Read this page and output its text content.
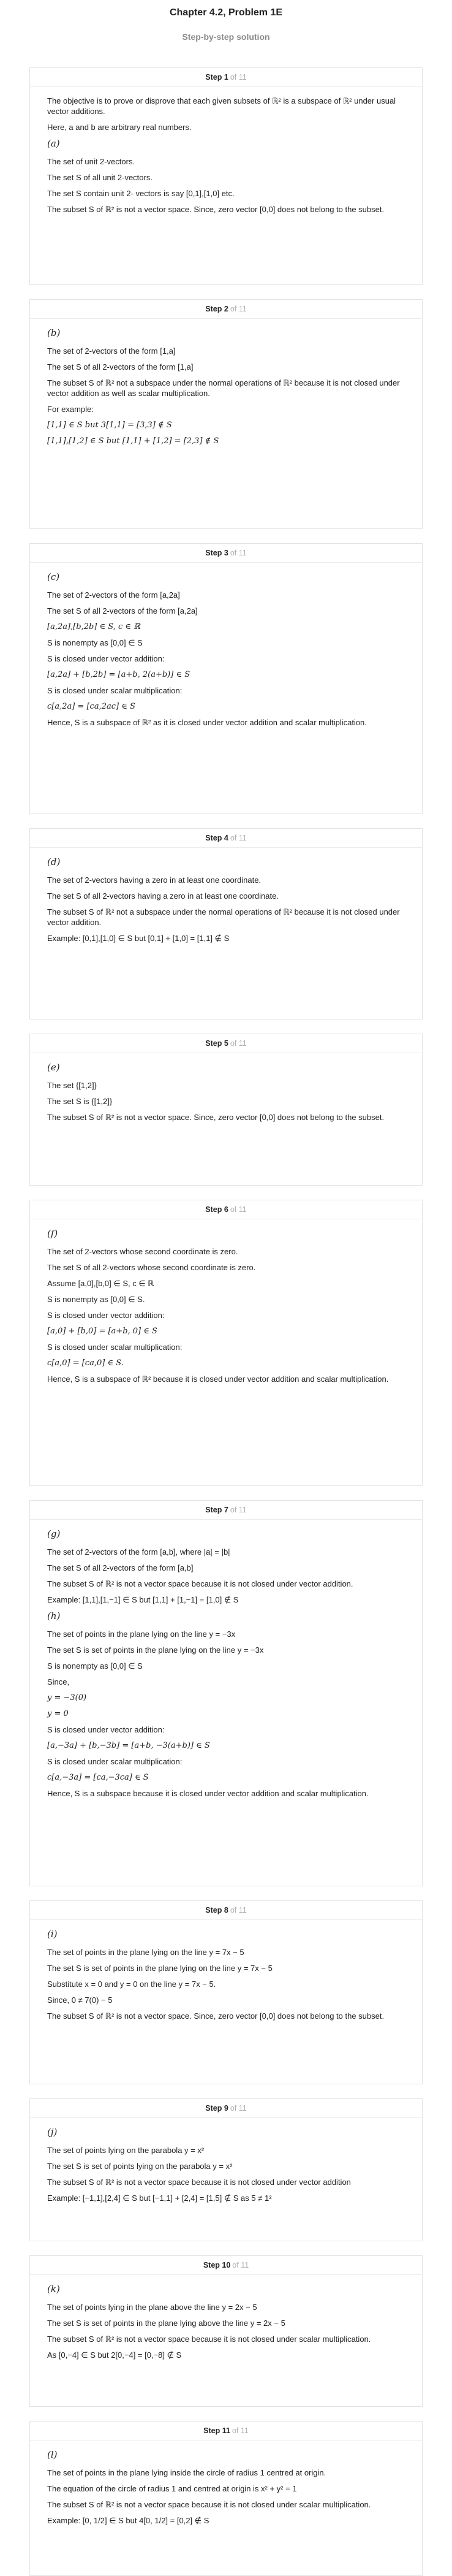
Chapter 4.2, Problem 1E
Step-by-step solution
Step 1 of 11
The objective is to prove or disprove that each given subsets of ℝ² is a subspace of ℝ² under usual vector additions.
Here, a and b are arbitrary real numbers.
(a)
The set of unit 2-vectors.
The set S of all unit 2-vectors.
The set S contain unit 2- vectors is say [0,1],[1,0] etc.
The subset S of ℝ² is not a vector space. Since, zero vector [0,0] does not belong to the subset.
Step 2 of 11
(b)
The set of 2-vectors of the form [1,a]
The set S of all 2-vectors of the form [1,a]
The subset S of ℝ² not a subspace under the normal operations of ℝ² because it is not closed under vector addition as well as scalar multiplication.
For example:
[1,1] ∈ S but 3[1,1] = [3,3] ∉ S
[1,1],[1,2] ∈ S but [1,1] + [1,2] = [2,3] ∉ S
Step 3 of 11
(c)
The set of 2-vectors of the form [a,2a]
The set S of all 2-vectors of the form [a,2a]
[a,2a],[b,2b] ∈ S, c ∈ ℝ
S is nonempty as [0,0] ∈ S
S is closed under vector addition:
[a,2a] + [b,2b] = [a+b, 2(a+b)] ∈ S
S is closed under scalar multiplication:
c[a,2a] = [ca,2ac] ∈ S
Hence, S is a subspace of ℝ² as it is closed under vector addition and scalar multiplication.
Step 4 of 11
(d)
The set of 2-vectors having a zero in at least one coordinate.
The set S of all 2-vectors having a zero in at least one coordinate.
The subset S of ℝ² not a subspace under the normal operations of ℝ² because it is not closed under vector addition.
Example: [0,1],[1,0] ∈ S but [0,1] + [1,0] = [1,1] ∉ S
Step 5 of 11
(e)
The set {[1,2]}
The set S is {[1,2]}
The subset S of ℝ² is not a vector space. Since, zero vector [0,0] does not belong to the subset.
Step 6 of 11
(f)
The set of 2-vectors whose second coordinate is zero.
The set S of all 2-vectors whose second coordinate is zero.
Assume [a,0],[b,0] ∈ S, c ∈ ℝ
S is nonempty as [0,0] ∈ S.
S is closed under vector addition:
[a,0] + [b,0] = [a+b, 0] ∈ S
S is closed under scalar multiplication:
c[a,0] = [ca,0] ∈ S.
Hence, S is a subspace of ℝ² because it is closed under vector addition and scalar multiplication.
Step 7 of 11
(g)
The set of 2-vectors of the form [a,b], where |a| = |b|
The set S of all 2-vectors of the form [a,b]
The subset S of ℝ² is not a vector space because it is not closed under vector addition.
Example: [1,1],[1,−1] ∈ S but [1,1] + [1,−1] = [1,0] ∉ S
(h)
The set of points in the plane lying on the line y = −3x
The set S is set of points in the plane lying on the line y = −3x
S is nonempty as [0,0] ∈ S
Since,
y = −3(0)
y = 0
S is closed under vector addition:
[a,−3a] + [b,−3b] = [a+b, −3(a+b)] ∈ S
S is closed under scalar multiplication:
c[a,−3a] = [ca,−3ca] ∈ S
Hence, S is a subspace because it is closed under vector addition and scalar multiplication.
Step 8 of 11
(i)
The set of points in the plane lying on the line y = 7x − 5
The set S is set of points in the plane lying on the line y = 7x − 5
Substitute x = 0 and y = 0 on the line y = 7x − 5.
Since, 0 ≠ 7(0) − 5
The subset S of ℝ² is not a vector space. Since, zero vector [0,0] does not belong to the subset.
Step 9 of 11
(j)
The set of points lying on the parabola y = x²
The set S is set of points lying on the parabola y = x²
The subset S of ℝ² is not a vector space because it is not closed under vector addition
Example: [−1,1],[2,4] ∈ S but [−1,1] + [2,4] = [1,5] ∉ S as 5 ≠ 1²
Step 10 of 11
(k)
The set of points lying in the plane above the line y = 2x − 5
The set S is set of points in the plane lying above the line y = 2x − 5
The subset S of ℝ² is not a vector space because it is not closed under scalar multiplication.
As [0,−4] ∈ S but 2[0,−4] = [0,−8] ∉ S
Step 11 of 11
(l)
The set of points in the plane lying inside the circle of radius 1 centred at origin.
The equation of the circle of radius 1 and centred at origin is x² + y² = 1
The subset S of ℝ² is not a vector space because it is not closed under scalar multiplication.
Example: [0, 1/2] ∈ S but 4[0, 1/2] = [0,2] ∉ S
